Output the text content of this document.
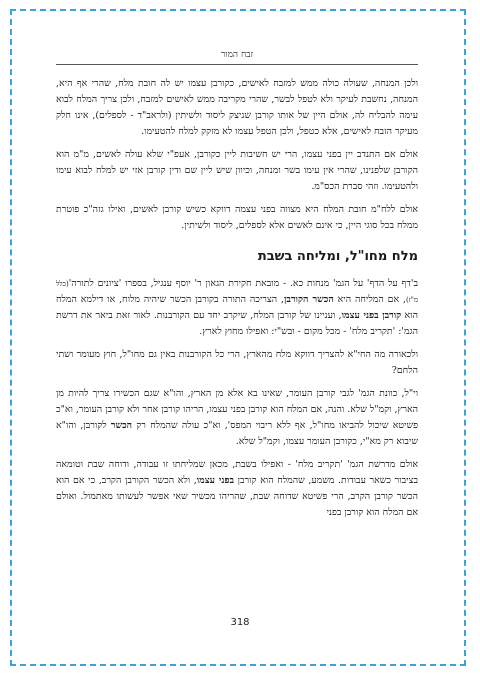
זבח המור

ולכן המנחה, שעולה כולה ממש למזבח לאישים, כקורבן עצמו יש לה חובת מלח, שהרי אף היא, המנחה, נחשבת לעיקר ולא לטפל לבשר, שהרי מקריבה ממש לאישים למזבח, ולכן צריך המלח לבוא עימה להבליח לה, אולם היין של אותו קורבן שניצק ליסוד ולשיתין (ולראב"ד - לספלים), אינו חלק מעיקר הזבח לאישים, אלא כטפל, ולכן הטפל עצמו לא מזקק למלח להטעימו.

אולם אם התנדב יין בפני עצמו, הרי יש חשיבות ליין כקורבן, אעפ"י שלא עולה לאשים, מ"מ הוא הקורבן שלפנינו, שהרי אין עימו בשר ומנחה, וכיוון שיש ליין שם ודין קורבן אזי יש למלח לבוא עימו ולהטעימו. וזהי סברת הכס"מ.

אולם ללח"מ חובת המלח היא מצווה בפני עצמה דווקא כשיש קורבן לאשים, ואילו גזה"כ פוטרת ממלח בכל סוגי היין, כי אינם לאשים אלא לספלים, ליסוד ולשיתין.

מלח מחו"ל, ומליחה בשבת

ב'דף על הדף' על הגמ' מנחות כא. - מובאת חקירת הגאון ר' יוסף ענגיל, בספרו 'ציונים לתורה'(כלל מ"ז), אם המליחה היא הכשר הקורבן, הצריכה התורה בקורבן הכשר שיהיה מלוח, או דילמא המלח הוא קורבן בפני עצמו, ועניינו של קורבן המלח, שיקרב יחד עם הקורבנות. לאור זאת ביאר את דרשת הגמ': 'תקריב מלח' - מכל מקום - ובש"י: ואפילו מחוץ לארץ.

ולכאורה מה החי"א להצריך דווקא מלח מהארץ, הרי כל הקורבנות באין גם מחו"ל, חוץ מעומר ושתי הלחם?

וי"ל, כוונת הגמ' לגבי קורבן העומר, שאינו בא אלא מן הארץ, והו"א שגם הכשירו צריך להיות מן הארץ, וקמ"ל שלא. והנה, אם המלח הוא קורבן בפני עצמו, הריהו קורבן אחר ולא קורבן העומר, וא"כ פשיטא שיכול להביאו מחו"ל, אף ללא ריבוי המפס', וא"כ עולה שהמלח רק הכשר לקורבן, והו"א שיבוא רק מא"י, כקורבן העומר עצמו, וקמ"ל שלא.

אולם מדרשת הגמ' 'תקריב מלח' - ואפילו בשבת, מכאן שמליחתו זו עבודה, ודוחה שבת וטומאה בציבור כשאר עבודות. משמע, שהמלח הוא קורבן בפני עצמו, ולא הכשר הקורבן הקרב, כי אם הוא הכשר קורבן הקרב, הרי פשיטא שדוחה שבת, שהריהו מכשיר שאי אפשר לעשותו מאתמול. ואולם אם המלח הוא קורבן בפני

318
